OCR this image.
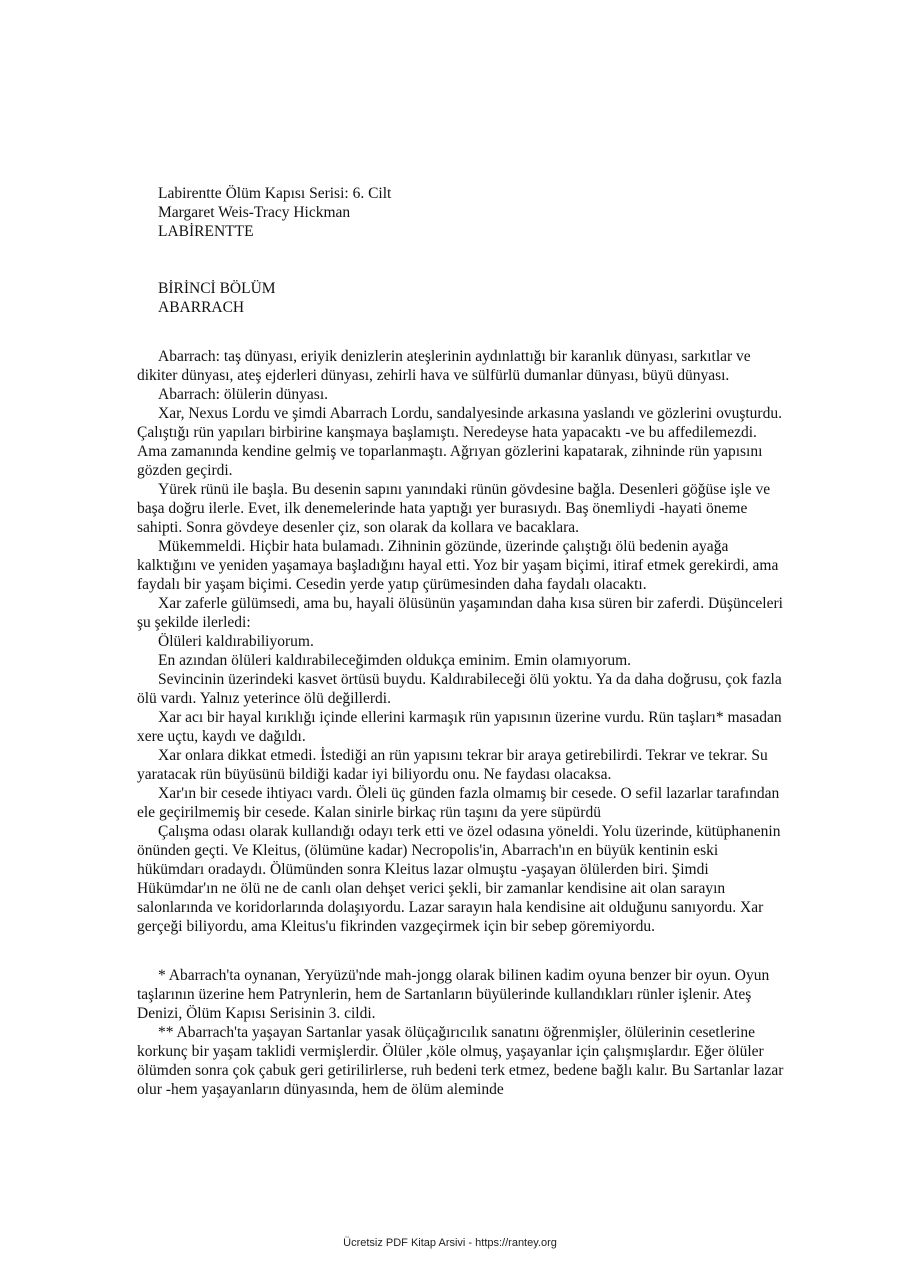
Labirentte Ölüm Kapısı Serisi: 6. Cilt

Margaret Weis-Tracy Hickman

LABİRENTTE

BİRİNCİ BÖLÜM

ABARRACH

Abarrach: taş dünyası, eriyik denizlerin ateşlerinin aydınlattığı bir karanlık dünyası, sarkıtlar ve dikiter dünyası, ateş ejderleri dünyası, zehirli hava ve sülfürlü dumanlar dünyası, büyü dünyası.

Abarrach: ölülerin dünyası.

Xar, Nexus Lordu ve şimdi Abarrach Lordu, sandalyesinde arkasına yaslandı ve gözlerini ovuşturdu. Çalıştığı rün yapıları birbirine kanşmaya başlamıştı. Neredeyse hata yapacaktı -ve bu affedilemezdi. Ama zamanında kendine gelmiş ve toparlanmaştı. Ağrıyan gözlerini kapatarak, zihninde rün yapısını gözden geçirdi.

Yürek rünü ile başla. Bu desenin sapını yanındaki rünün gövdesine bağla. Desenleri göğüse işle ve başa doğru ilerle. Evet, ilk denemelerinde hata yaptığı yer burasıydı. Baş önemliydi -hayati öneme sahipti. Sonra gövdeye desenler çiz, son olarak da kollara ve bacaklara.

Mükemmeldi. Hiçbir hata bulamadı. Zihninin gözünde, üzerinde çalıştığı ölü bedenin ayağa kalktığını ve yeniden yaşamaya başladığını hayal etti. Yoz bir yaşam biçimi, itiraf etmek gerekirdi, ama faydalı bir yaşam biçimi. Cesedin yerde yatıp çürümesinden daha faydalı olacaktı.

Xar zaferle gülümsedi, ama bu, hayali ölüsünün yaşamından daha kısa süren bir zaferdi. Düşünceleri şu şekilde ilerledi:

Ölüleri kaldırabiliyorum.

En azından ölüleri kaldırabileceğimden oldukça eminim. Emin olamıyorum.

Sevincinin üzerindeki kasvet örtüsü buydu. Kaldırabileceği ölü yoktu. Ya da daha doğrusu, çok fazla ölü vardı. Yalnız yeterince ölü değillerdi.

Xar acı bir hayal kırıklığı içinde ellerini karmaşık rün yapısının üzerine vurdu. Rün taşları* masadan xere uçtu, kaydı ve dağıldı.

Xar onlara dikkat etmedi. İstediği an rün yapısını tekrar bir araya getirebilirdi. Tekrar ve tekrar. Su yaratacak rün büyüsünü bildiği kadar iyi biliyordu onu. Ne faydası olacaksa.

Xar'ın bir cesede ihtiyacı vardı. Öleli üç günden fazla olmamış bir cesede. O sefil lazarlar tarafından ele geçirilmemiş bir cesede. Kalan sinirle birkaç rün taşını da yere süpürdü

Çalışma odası olarak kullandığı odayı terk etti ve özel odasına yöneldi. Yolu üzerinde, kütüphanenin önünden geçti. Ve Kleitus, (ölümüne kadar) Necropolis'in, Abarrach'ın en büyük kentinin eski hükümdarı oradaydı. Ölümünden sonra Kleitus lazar olmuştu -yaşayan ölülerden biri. Şimdi Hükümdar'ın ne ölü ne de canlı olan dehşet verici şekli, bir zamanlar kendisine ait olan sarayın salonlarında ve koridorlarında dolaşıyordu. Lazar sarayın hala kendisine ait olduğunu sanıyordu. Xar gerçeği biliyordu, ama Kleitus'u fikrinden vazgeçirmek için bir sebep göremiyordu.

* Abarrach'ta oynanan, Yeryüzü'nde mah-jongg olarak bilinen kadim oyuna benzer bir oyun. Oyun taşlarının üzerine hem Patrynlerin, hem de Sartanların büyülerinde kullandıkları rünler işlenir. Ateş Denizi, Ölüm Kapısı Serisinin 3. cildi.

** Abarrach'ta yaşayan Sartanlar yasak ölüçağırıcılık sanatını öğrenmişler, ölülerinin cesetlerine korkunç bir yaşam taklidi vermişlerdir. Ölüler ,köle olmuş, yaşayanlar için çalışmışlardır. Eğer ölüler ölümden sonra çok çabuk geri getirilirlerse, ruh bedeni terk etmez, bedene bağlı kalır. Bu Sartanlar lazar olur -hem yaşayanların dünyasında, hem de ölüm aleminde

Ücretsiz PDF Kitap Arsivi - https://rantey.org
